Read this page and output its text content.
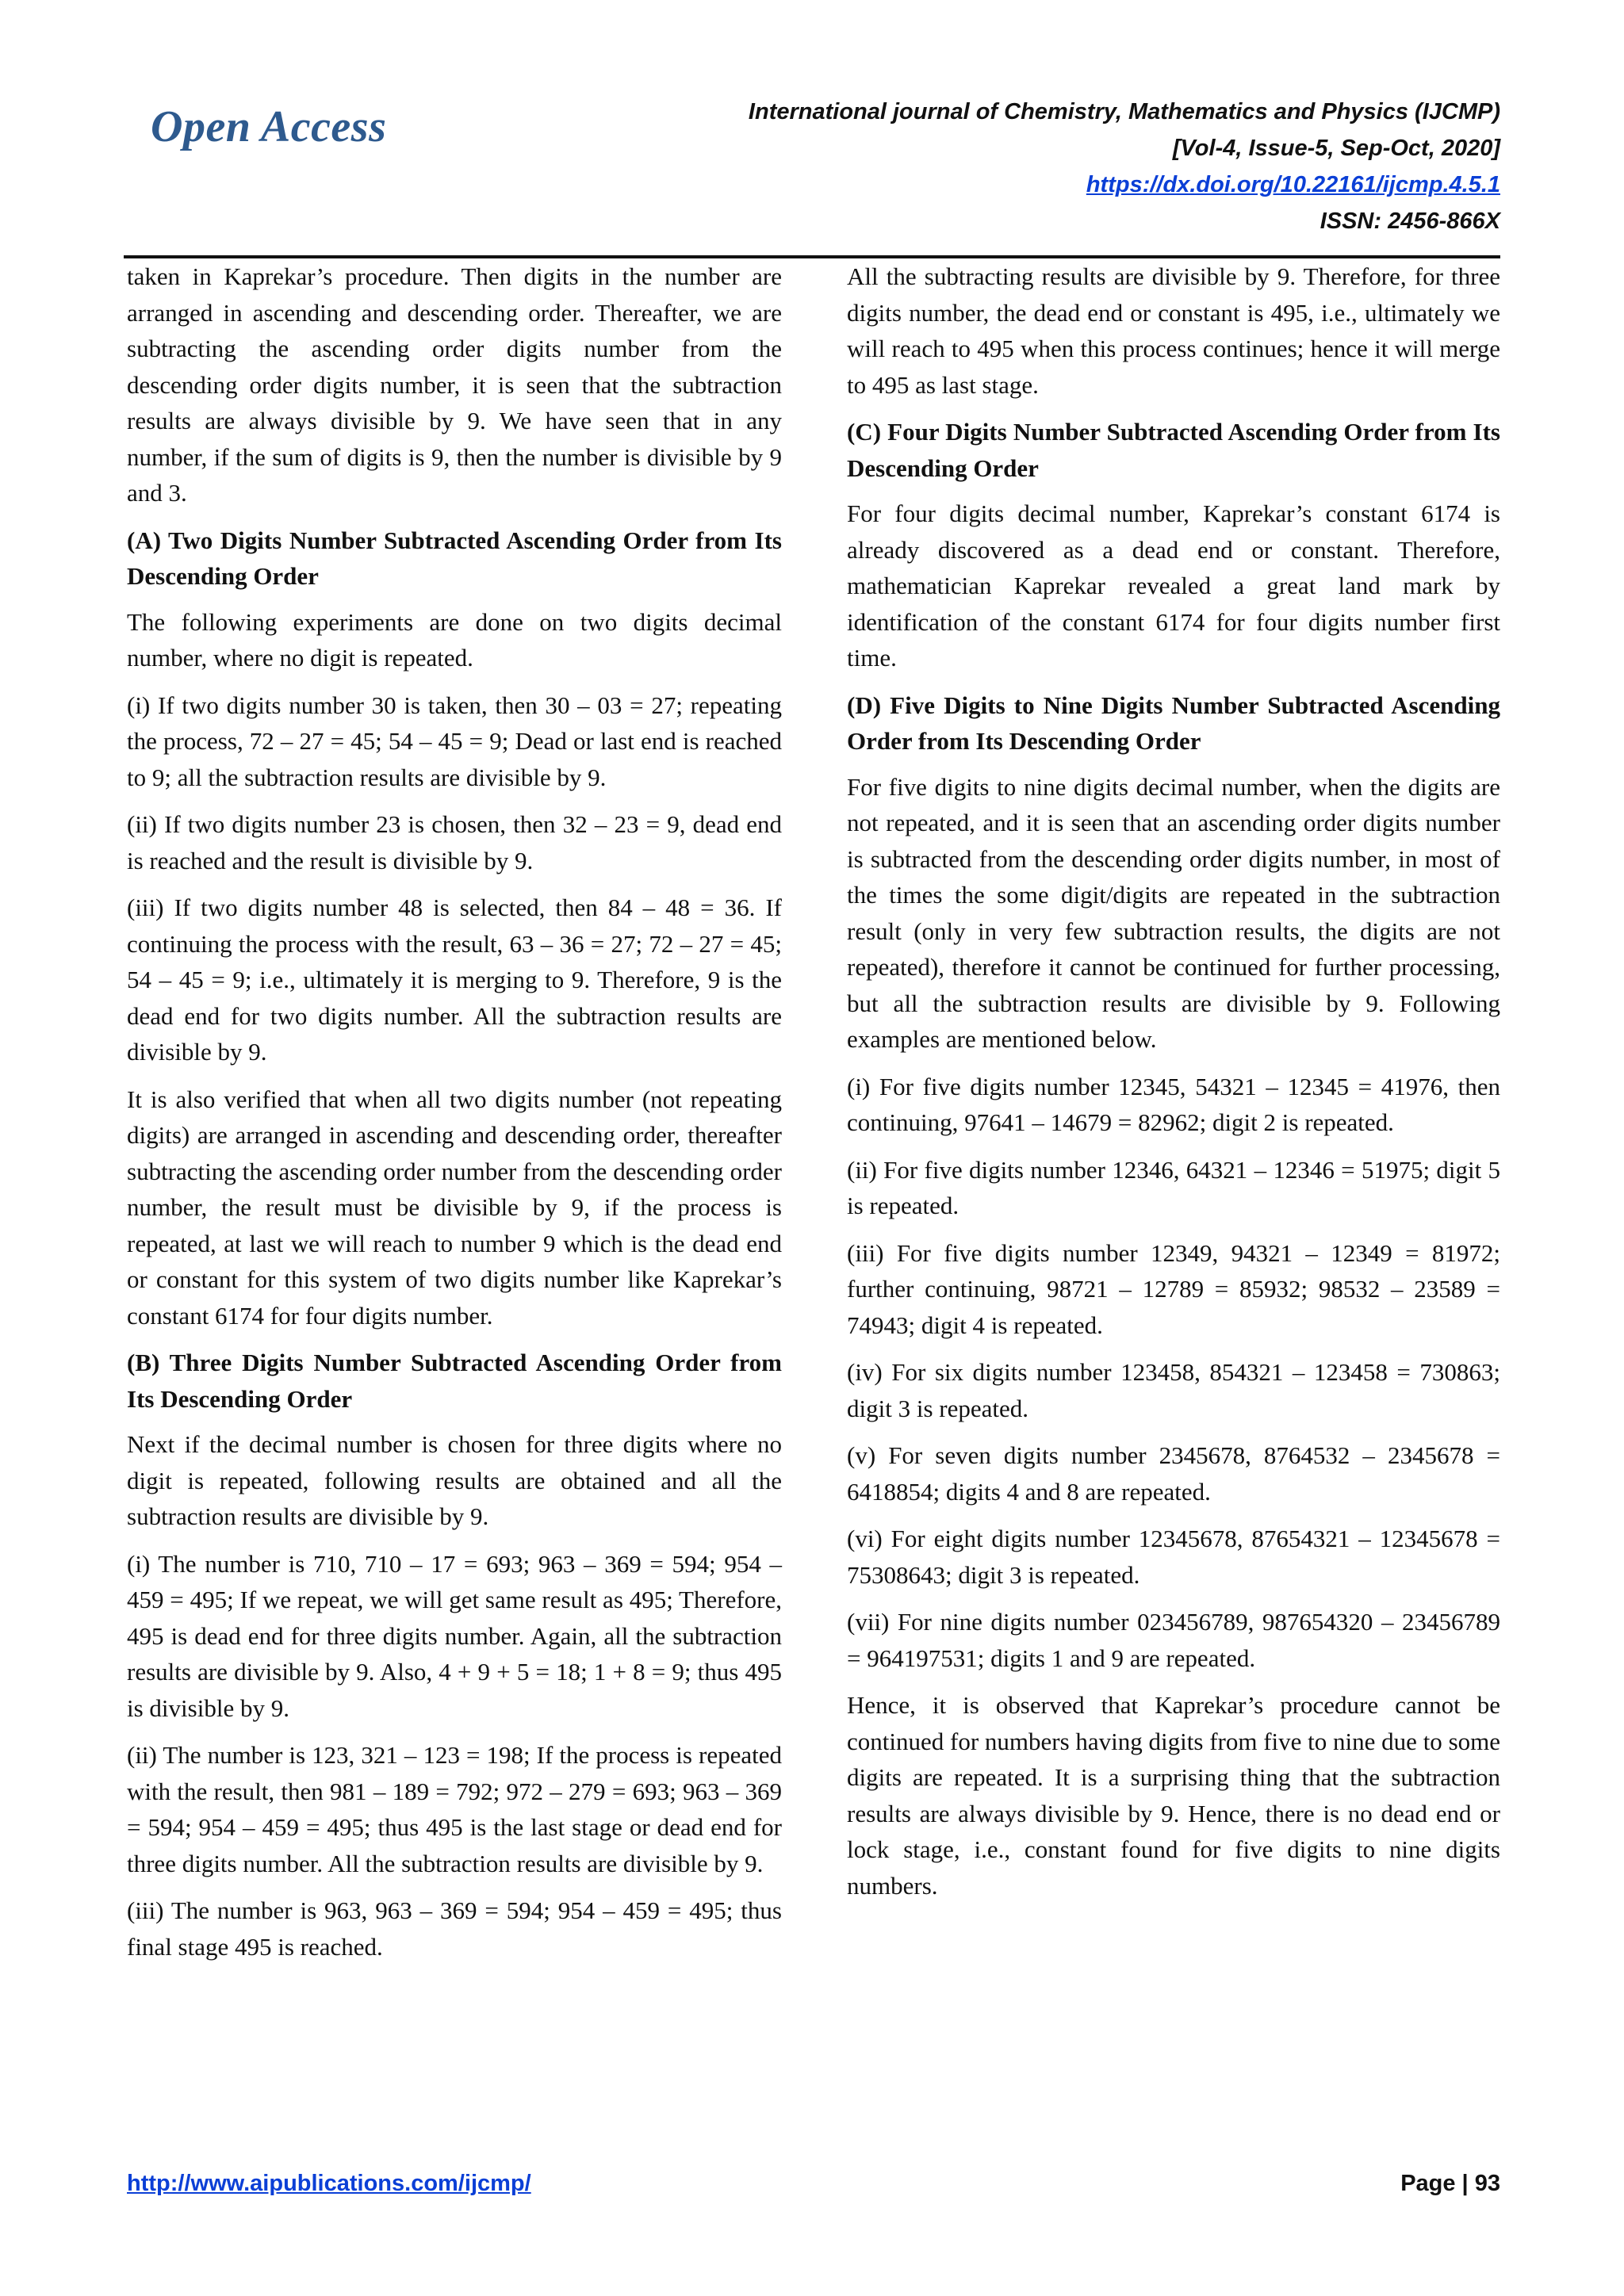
Open Access	International journal of Chemistry, Mathematics and Physics (IJCMP)
[Vol-4, Issue-5, Sep-Oct, 2020]
https://dx.doi.org/10.22161/ijcmp.4.5.1
ISSN: 2456-866X

taken in Kaprekar’s procedure. Then digits in the number are arranged in ascending and descending order. Thereafter, we are subtracting the ascending order digits number from the descending order digits number, it is seen that the subtraction results are always divisible by 9. We have seen that in any number, if the sum of digits is 9, then the number is divisible by 9 and 3.

(A) Two Digits Number Subtracted Ascending Order from Its Descending Order

The following experiments are done on two digits decimal number, where no digit is repeated.

(i) If two digits number 30 is taken, then 30 – 03 = 27; repeating the process, 72 – 27 = 45; 54 – 45 = 9; Dead or last end is reached to 9; all the subtraction results are divisible by 9.

(ii) If two digits number 23 is chosen, then 32 – 23 = 9, dead end is reached and the result is divisible by 9.

(iii) If two digits number 48 is selected, then 84 – 48 = 36. If continuing the process with the result, 63 – 36 = 27; 72 – 27 = 45; 54 – 45 = 9; i.e., ultimately it is merging to 9. Therefore, 9 is the dead end for two digits number. All the subtraction results are divisible by 9.

It is also verified that when all two digits number (not repeating digits) are arranged in ascending and descending order, thereafter subtracting the ascending order number from the descending order number, the result must be divisible by 9, if the process is repeated, at last we will reach to number 9 which is the dead end or constant for this system of two digits number like Kaprekar’s constant 6174 for four digits number.

(B) Three Digits Number Subtracted Ascending Order from Its Descending Order

Next if the decimal number is chosen for three digits where no digit is repeated, following results are obtained and all the subtraction results are divisible by 9.

(i) The number is 710, 710 – 17 = 693; 963 – 369 = 594; 954 – 459 = 495; If we repeat, we will get same result as 495; Therefore, 495 is dead end for three digits number. Again, all the subtraction results are divisible by 9. Also, 4 + 9 + 5 = 18; 1 + 8 = 9; thus 495 is divisible by 9.

(ii) The number is 123, 321 – 123 = 198; If the process is repeated with the result, then 981 – 189 = 792; 972 – 279 = 693; 963 – 369 = 594; 954 – 459 = 495; thus 495 is the last stage or dead end for three digits number. All the subtraction results are divisible by 9.

(iii) The number is 963, 963 – 369 = 594; 954 – 459 = 495; thus final stage 495 is reached.

All the subtracting results are divisible by 9. Therefore, for three digits number, the dead end or constant is 495, i.e., ultimately we will reach to 495 when this process continues; hence it will merge to 495 as last stage.

(C) Four Digits Number Subtracted Ascending Order from Its Descending Order

For four digits decimal number, Kaprekar’s constant 6174 is already discovered as a dead end or constant. Therefore, mathematician Kaprekar revealed a great land mark by identification of the constant 6174 for four digits number first time.

(D) Five Digits to Nine Digits Number Subtracted Ascending Order from Its Descending Order

For five digits to nine digits decimal number, when the digits are not repeated, and it is seen that an ascending order digits number is subtracted from the descending order digits number, in most of the times the some digit/digits are repeated in the subtraction result (only in very few subtraction results, the digits are not repeated), therefore it cannot be continued for further processing, but all the subtraction results are divisible by 9. Following examples are mentioned below.

(i) For five digits number 12345, 54321 – 12345 = 41976, then continuing, 97641 – 14679 = 82962; digit 2 is repeated.

(ii) For five digits number 12346, 64321 – 12346 = 51975; digit 5 is repeated.

(iii) For five digits number 12349, 94321 – 12349 = 81972; further continuing, 98721 – 12789 = 85932; 98532 – 23589 = 74943; digit 4 is repeated.

(iv) For six digits number 123458, 854321 – 123458 = 730863; digit 3 is repeated.

(v) For seven digits number 2345678, 8764532 – 2345678 = 6418854; digits 4 and 8 are repeated.

(vi) For eight digits number 12345678, 87654321 – 12345678 = 75308643; digit 3 is repeated.

(vii) For nine digits number 023456789, 987654320 – 23456789 = 964197531; digits 1 and 9 are repeated.

Hence, it is observed that Kaprekar’s procedure cannot be continued for numbers having digits from five to nine due to some digits are repeated. It is a surprising thing that the subtraction results are always divisible by 9. Hence, there is no dead end or lock stage, i.e., constant found for five digits to nine digits numbers.

http://www.aipublications.com/ijcmp/	Page | 93
